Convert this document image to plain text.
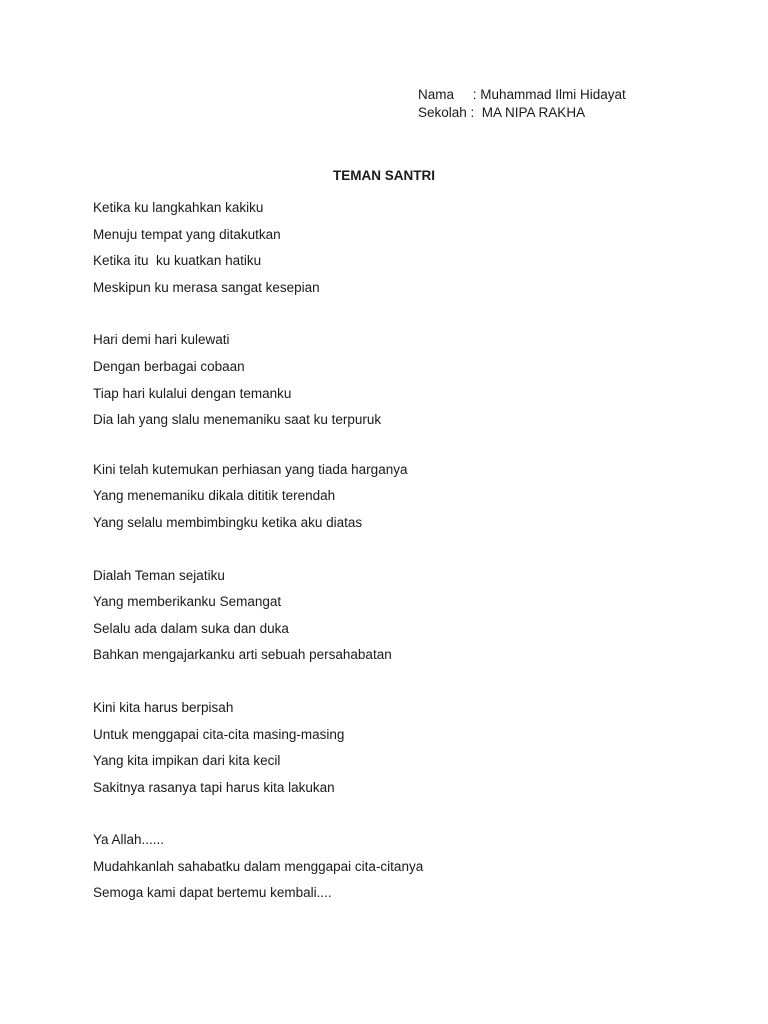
Nama     : Muhammad Ilmi Hidayat
Sekolah :  MA NIPA RAKHA
TEMAN SANTRI
Ketika ku langkahkan kakiku
Menuju tempat yang ditakutkan
Ketika itu  ku kuatkan hatiku
Meskipun ku merasa sangat kesepian
Hari demi hari kulewati
Dengan berbagai cobaan
Tiap hari kulalui dengan temanku
Dia lah yang slalu menemaniku saat ku terpuruk
Kini telah kutemukan perhiasan yang tiada harganya
Yang menemaniku dikala dititik terendah
Yang selalu membimbingku ketika aku diatas
Dialah Teman sejatiku
Yang memberikanku Semangat
Selalu ada dalam suka dan duka
Bahkan mengajarkanku arti sebuah persahabatan
Kini kita harus berpisah
Untuk menggapai cita-cita masing-masing
Yang kita impikan dari kita kecil
Sakitnya rasanya tapi harus kita lakukan
Ya Allah......
Mudahkanlah sahabatku dalam menggapai cita-citanya
Semoga kami dapat bertemu kembali....
